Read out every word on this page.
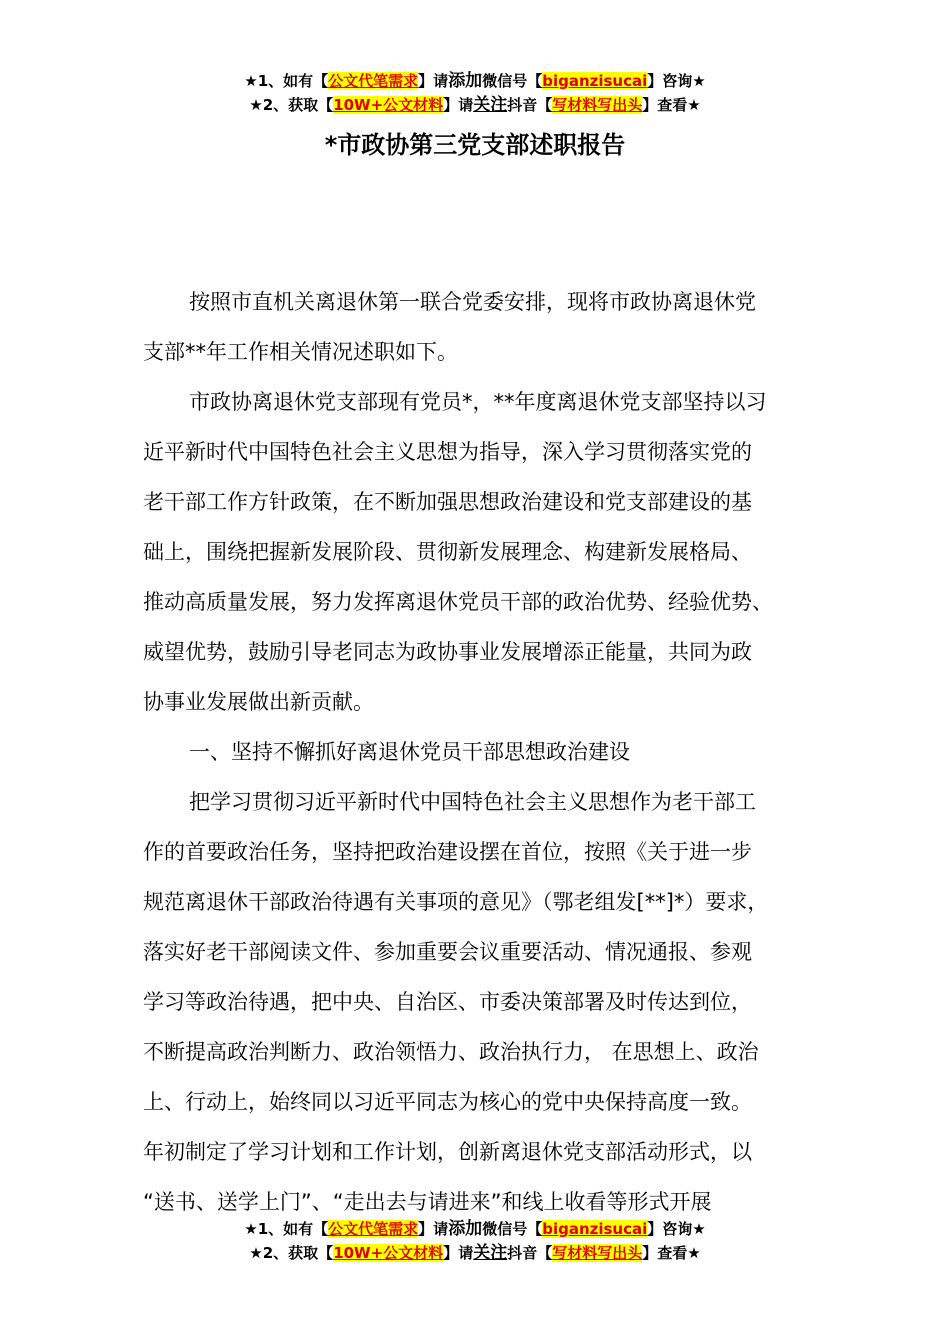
★1、如有【公文代笔需求】请添加微信号【biganzisucai】咨询★
★2、获取【10W+公文材料】请关注抖音【写材料写出头】查看★
*市政协第三党支部述职报告
按照市直机关离退休第一联合党委安排，现将市政协离退休党
支部**年工作相关情况述职如下。
市政协离退休党支部现有党员*，**年度离退休党支部坚持以习
近平新时代中国特色社会主义思想为指导，深入学习贯彻落实党的
老干部工作方针政策，在不断加强思想政治建设和党支部建设的基
础上，围绕把握新发展阶段、贯彻新发展理念、构建新发展格局、
推动高质量发展，努力发挥离退休党员干部的政治优势、经验优势、
威望优势，鼓励引导老同志为政协事业发展增添正能量，共同为政
协事业发展做出新贡献。
一、坚持不懈抓好离退休党员干部思想政治建设
把学习贯彻习近平新时代中国特色社会主义思想作为老干部工
作的首要政治任务，坚持把政治建设摆在首位，按照《关于进一步
规范离退休干部政治待遇有关事项的意见》（鄂老组发[**]*）要求，
落实好老干部阅读文件、参加重要会议重要活动、情况通报、参观
学习等政治待遇，把中央、自治区、市委决策部署及时传达到位，
不断提高政治判断力、政治领悟力、政治执行力， 在思想上、政治
上、行动上，始终同以习近平同志为核心的党中央保持高度一致。
年初制定了学习计划和工作计划，创新离退休党支部活动形式，以
“送书、送学上门”、“走出去与请进来”和线上收看等形式开展
★1、如有【公文代笔需求】请添加微信号【biganzisucai】咨询★
★2、获取【10W+公文材料】请关注抖音【写材料写出头】查看★
